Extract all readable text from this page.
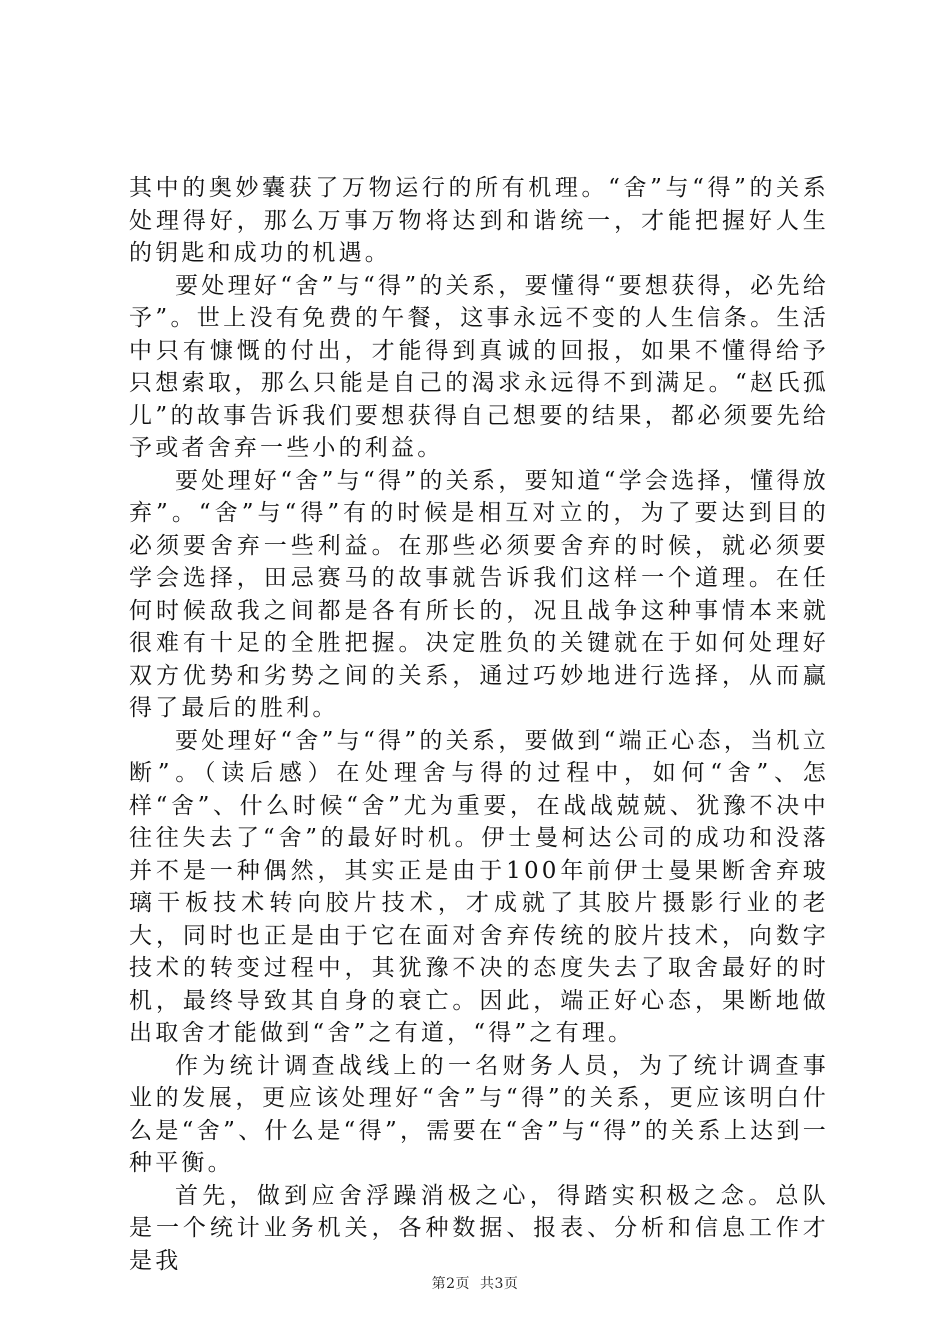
其中的奥妙囊获了万物运行的所有机理。“舍”与“得”的关系处理得好，那么万事万物将达到和谐统一，才能把握好人生的钥匙和成功的机遇。

要处理好“舍”与“得”的关系，要懂得“要想获得，必先给予”。世上没有免费的午餐，这事永远不变的人生信条。生活中只有慷慨的付出，才能得到真诚的回报，如果不懂得给予只想索取，那么只能是自己的渴求永远得不到满足。“赵氏孤儿”的故事告诉我们要想获得自己想要的结果，都必须要先给予或者舍弃一些小的利益。

要处理好“舍”与“得”的关系，要知道“学会选择，懂得放弃”。“舍”与“得”有的时候是相互对立的，为了要达到目的必须要舍弃一些利益。在那些必须要舍弃的时候，就必须要学会选择，田忌赛马的故事就告诉我们这样一个道理。在任何时候敌我之间都是各有所长的，况且战争这种事情本来就很难有十足的全胜把握。决定胜负的关键就在于如何处理好双方优势和劣势之间的关系，通过巧妙地进行选择，从而赢得了最后的胜利。

要处理好“舍”与“得”的关系，要做到“端正心态，当机立断”。（读后感）在处理舍与得的过程中，如何“舍”、怎样“舍”、什么时候“舍”尤为重要，在战战兢兢、犹豫不决中往往失去了“舍”的最好时机。伊士曼柯达公司的成功和没落并不是一种偶然，其实正是由于100年前伊士曼果断舍弃玻璃干板技术转向胶片技术，才成就了其胶片摄影行业的老大，同时也正是由于它在面对舍弃传统的胶片技术，向数字技术的转变过程中，其犹豫不决的态度失去了取舍最好的时机，最终导致其自身的衰亡。因此，端正好心态，果断地做出取舍才能做到“舍”之有道，“得”之有理。

作为统计调查战线上的一名财务人员，为了统计调查事业的发展，更应该处理好“舍”与“得”的关系，更应该明白什么是“舍”、什么是“得”，需要在“舍”与“得”的关系上达到一种平衡。

首先，做到应舍浮躁消极之心，得踏实积极之念。总队是一个统计业务机关，各种数据、报表、分析和信息工作才是我

第2页 共3页
